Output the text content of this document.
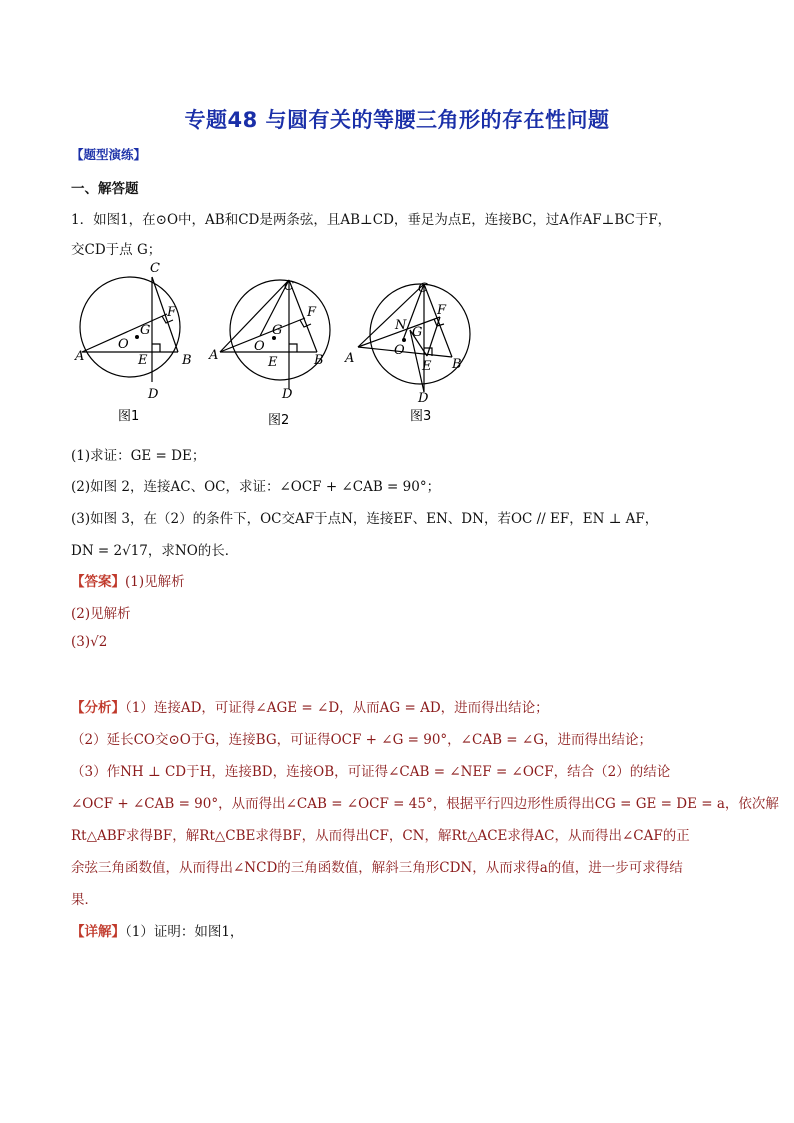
专题48 与圆有关的等腰三角形的存在性问题
【题型演练】
一、解答题
1．如图1，在⊙O中，AB和CD是两条弦，且AB⊥CD，垂足为点E，连接BC，过A作AF⊥BC于F，
交CD于点 G；
C
F
G
O
A	E	B
D
C
F
G
O
A	E	B
D
C
F
G
O
A
E B
D
N
图1	图2	图3
(1)求证：GE = DE；
(2)如图 2，连接AC、OC，求证：∠OCF + ∠CAB = 90°；
(3)如图 3，在（2）的条件下，OC交AF于点N，连接EF、EN、DN，若OC // EF，EN ⊥ AF，
DN = 2√17，求NO的长．
【答案】(1)见解析
(2)见解析
(3)√2
【分析】（1）连接AD，可证得∠AGE = ∠D，从而AG = AD，进而得出结论；
（2）延长CO交⊙O于G，连接BG，可证得OCF + ∠G = 90°，∠CAB = ∠G，进而得出结论；
（3）作NH ⊥ CD于H，连接BD，连接OB，可证得∠CAB = ∠NEF = ∠OCF，结合（2）的结论
∠OCF + ∠CAB = 90°，从而得出∠CAB = ∠OCF = 45°，根据平行四边形性质得出CG = GE = DE = a，依次解
Rt△ABF求得BF，解Rt△CBE求得BF，从而得出CF，CN，解Rt△ACE求得AC，从而得出∠CAF的正
余弦三角函数值，从而得出∠NCD的三角函数值，解斜三角形CDN，从而求得a的值，进一步可求得结
果．
【详解】（1）证明：如图1，
